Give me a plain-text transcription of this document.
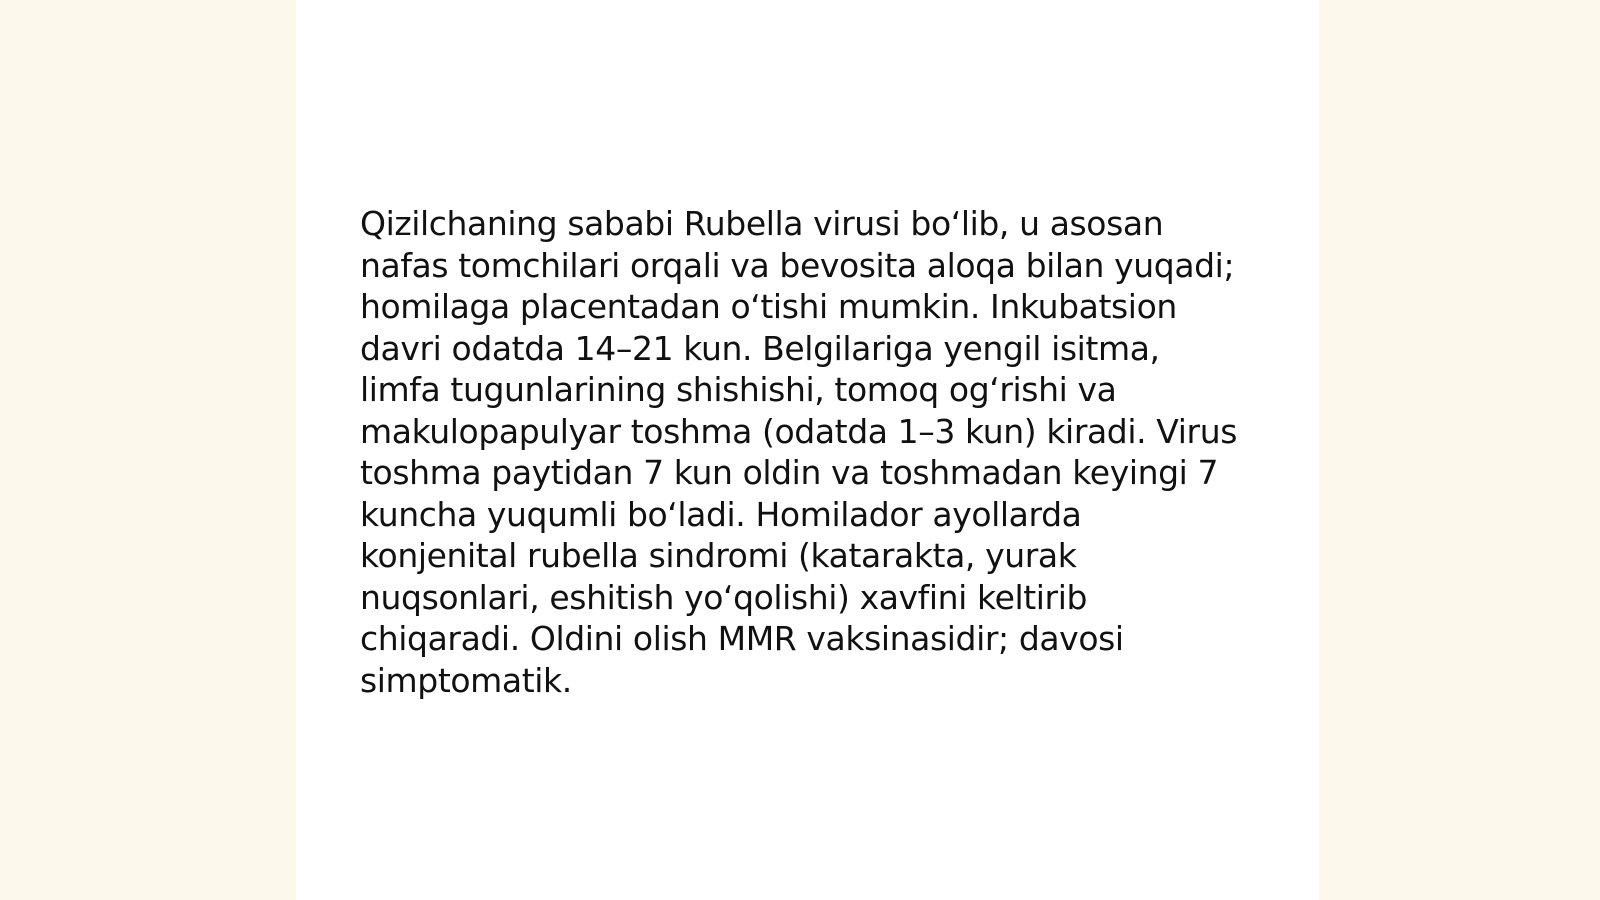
Qizilchaning sababi Rubella virusi bo‘lib, u asosan
nafas tomchilari orqali va bevosita aloqa bilan yuqadi;
homilaga placentadan o‘tishi mumkin. Inkubatsion
davri odatda 14–21 kun. Belgilariga yengil isitma,
limfa tugunlarining shishishi, tomoq og‘rishi va
makulopapulyar toshma (odatda 1–3 kun) kiradi. Virus
toshma paytidan 7 kun oldin va toshmadan keyingi 7
kuncha yuqumli bo‘ladi. Homilador ayollarda
konjenital rubella sindromi (katarakta, yurak
nuqsonlari, eshitish yo‘qolishi) xavfini keltirib
chiqaradi. Oldini olish MMR vaksinasidir; davosi
simptomatik.
